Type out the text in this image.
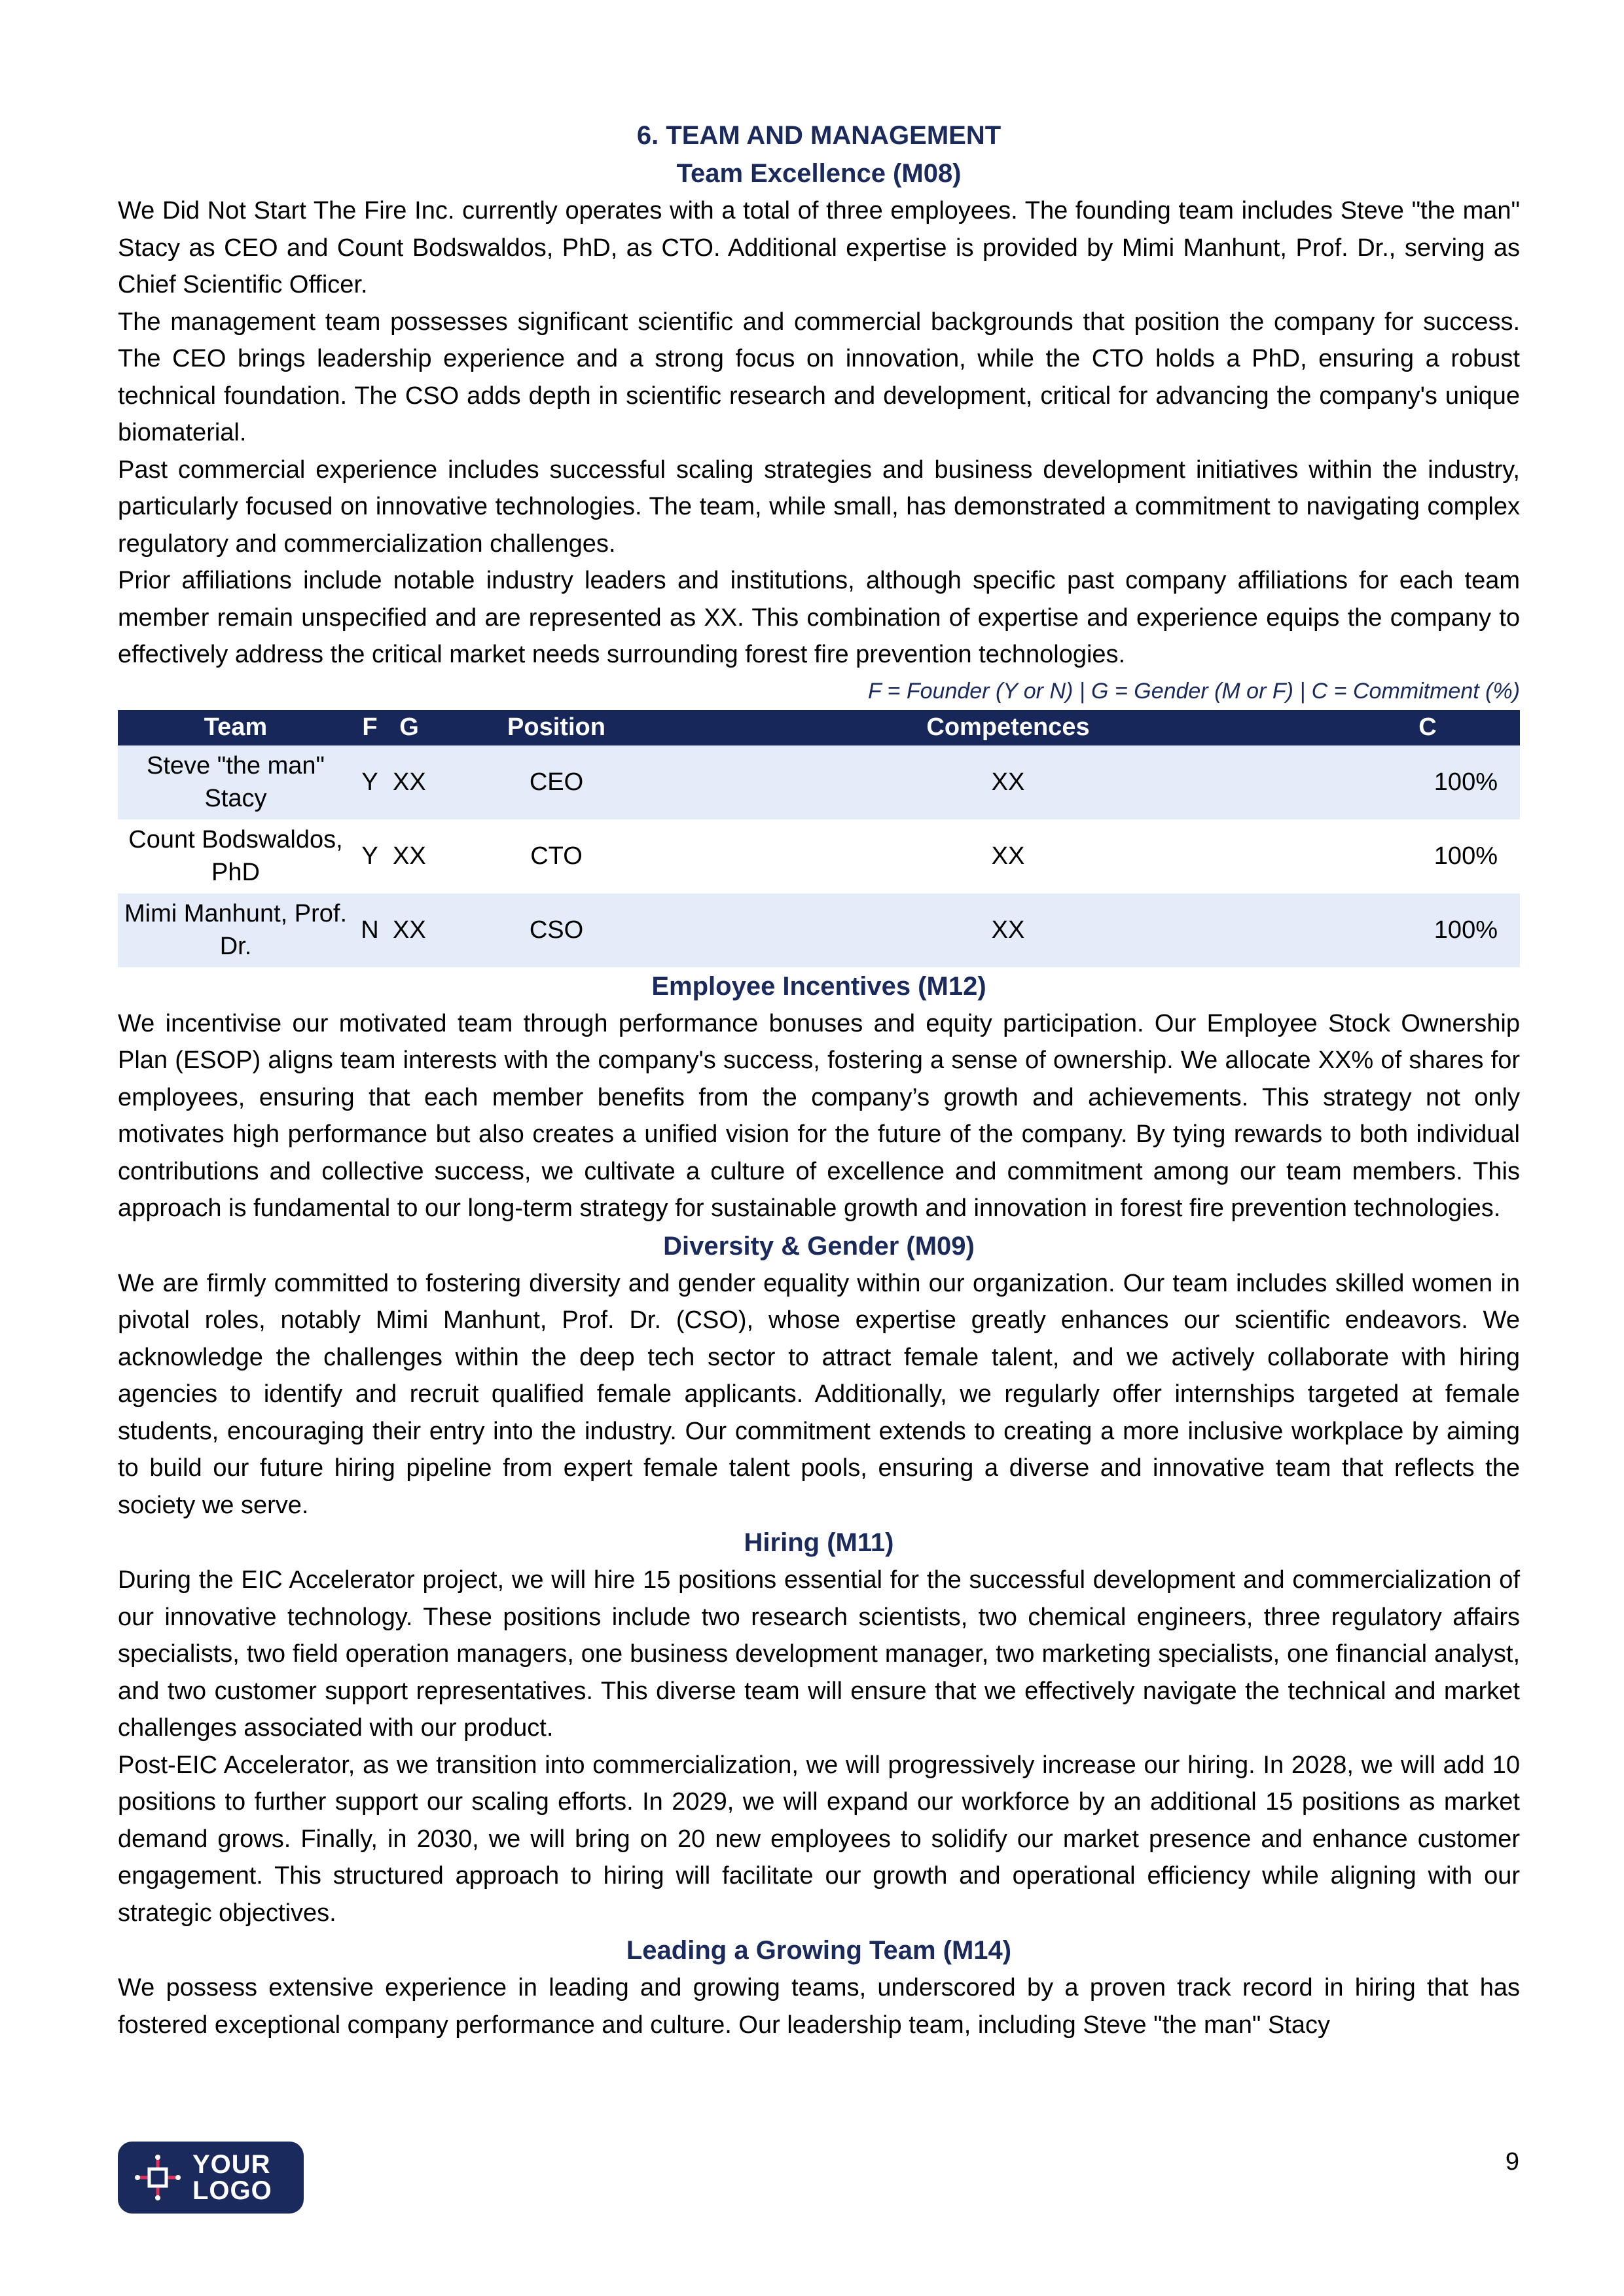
6. TEAM AND MANAGEMENT
Team Excellence (M08)

We Did Not Start The Fire Inc. currently operates with a total of three employees. The founding team includes Steve "the man" Stacy as CEO and Count Bodswaldos, PhD, as CTO. Additional expertise is provided by Mimi Manhunt, Prof. Dr., serving as Chief Scientific Officer.

The management team possesses significant scientific and commercial backgrounds that position the company for success. The CEO brings leadership experience and a strong focus on innovation, while the CTO holds a PhD, ensuring a robust technical foundation. The CSO adds depth in scientific research and development, critical for advancing the company's unique biomaterial.

Past commercial experience includes successful scaling strategies and business development initiatives within the industry, particularly focused on innovative technologies. The team, while small, has demonstrated a commitment to navigating complex regulatory and commercialization challenges.

Prior affiliations include notable industry leaders and institutions, although specific past company affiliations for each team member remain unspecified and are represented as XX. This combination of expertise and experience equips the company to effectively address the critical market needs surrounding forest fire prevention technologies.

F = Founder (Y or N) | G = Gender (M or F) | C = Commitment (%)

Team	F	G	Position	Competences	C
Steve "the man" Stacy	Y	XX	CEO	XX	100%
Count Bodswaldos, PhD	Y	XX	CTO	XX	100%
Mimi Manhunt, Prof. Dr.	N	XX	CSO	XX	100%
Employee Incentives (M12)

We incentivise our motivated team through performance bonuses and equity participation. Our Employee Stock Ownership Plan (ESOP) aligns team interests with the company's success, fostering a sense of ownership. We allocate XX% of shares for employees, ensuring that each member benefits from the company’s growth and achievements. This strategy not only motivates high performance but also creates a unified vision for the future of the company. By tying rewards to both individual contributions and collective success, we cultivate a culture of excellence and commitment among our team members. This approach is fundamental to our long-term strategy for sustainable growth and innovation in forest fire prevention technologies.

Diversity & Gender (M09)

We are firmly committed to fostering diversity and gender equality within our organization. Our team includes skilled women in pivotal roles, notably Mimi Manhunt, Prof. Dr. (CSO), whose expertise greatly enhances our scientific endeavors. We acknowledge the challenges within the deep tech sector to attract female talent, and we actively collaborate with hiring agencies to identify and recruit qualified female applicants. Additionally, we regularly offer internships targeted at female students, encouraging their entry into the industry. Our commitment extends to creating a more inclusive workplace by aiming to build our future hiring pipeline from expert female talent pools, ensuring a diverse and innovative team that reflects the society we serve.

Hiring (M11)

During the EIC Accelerator project, we will hire 15 positions essential for the successful development and commercialization of our innovative technology. These positions include two research scientists, two chemical engineers, three regulatory affairs specialists, two field operation managers, one business development manager, two marketing specialists, one financial analyst, and two customer support representatives. This diverse team will ensure that we effectively navigate the technical and market challenges associated with our product.

Post-EIC Accelerator, as we transition into commercialization, we will progressively increase our hiring. In 2028, we will add 10 positions to further support our scaling efforts. In 2029, we will expand our workforce by an additional 15 positions as market demand grows. Finally, in 2030, we will bring on 20 new employees to solidify our market presence and enhance customer engagement. This structured approach to hiring will facilitate our growth and operational efficiency while aligning with our strategic objectives.

Leading a Growing Team (M14)

We possess extensive experience in leading and growing teams, underscored by a proven track record in hiring that has fostered exceptional company performance and culture. Our leadership team, including Steve "the man" Stacy

YOUR
LOGO
9
